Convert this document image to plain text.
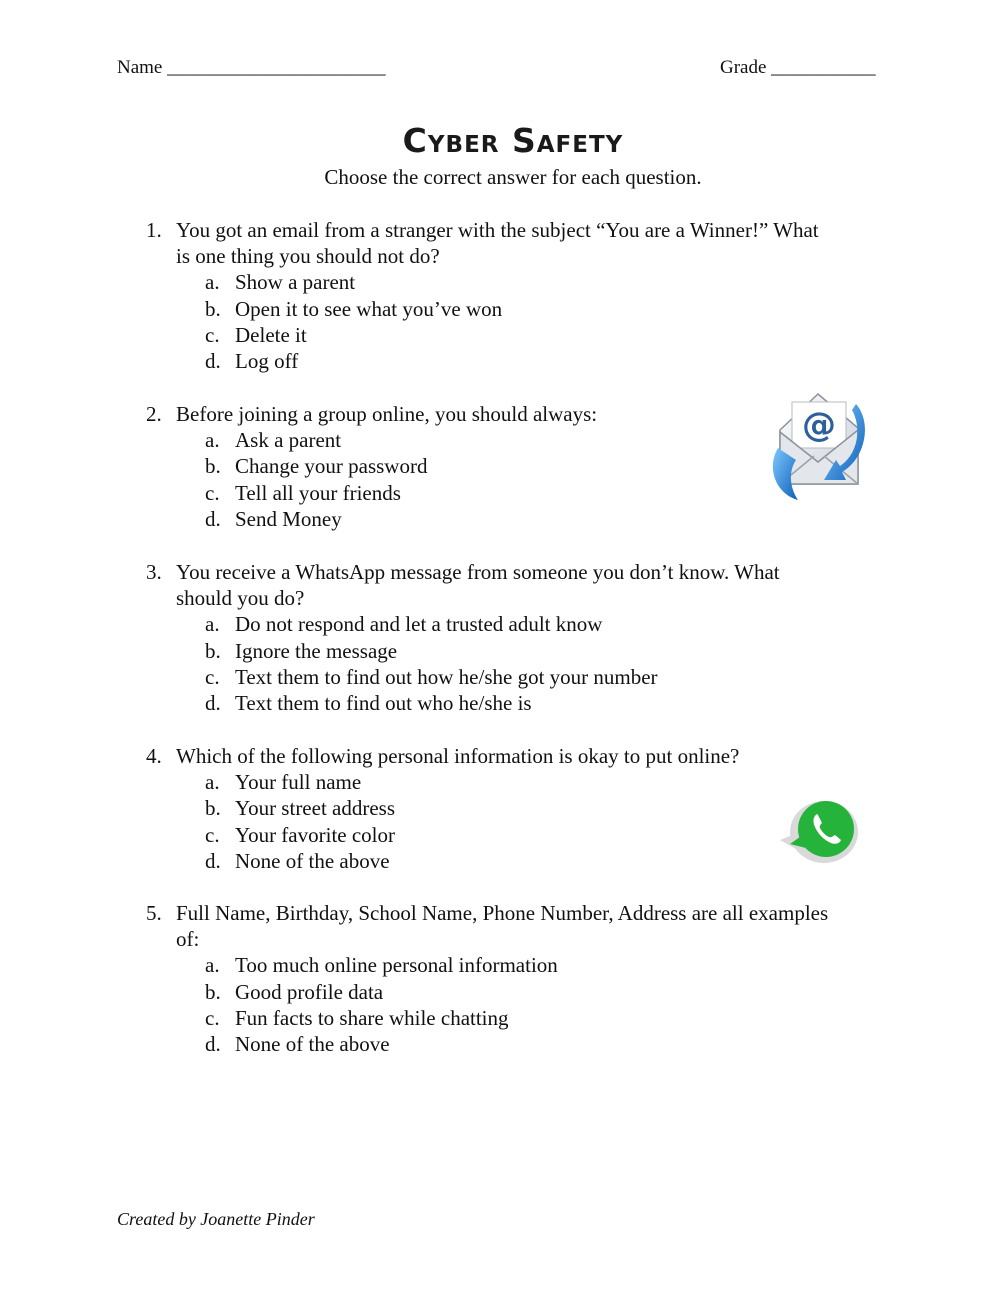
Name _______________________	Grade ___________
Cyber Safety
Choose the correct answer for each question.
1. You got an email from a stranger with the subject “You are a Winner!” What is one thing you should not do?
a. Show a parent
b. Open it to see what you’ve won
c. Delete it
d. Log off
2. Before joining a group online, you should always:
a. Ask a parent
b. Change your password
c. Tell all your friends
d. Send Money
3. You receive a WhatsApp message from someone you don’t know. What should you do?
a. Do not respond and let a trusted adult know
b. Ignore the message
c. Text them to find out how he/she got your number
d. Text them to find out who he/she is
4. Which of the following personal information is okay to put online?
a. Your full name
b. Your street address
c. Your favorite color
d. None of the above
5. Full Name, Birthday, School Name, Phone Number, Address are all examples of:
a. Too much online personal information
b. Good profile data
c. Fun facts to share while chatting
d. None of the above
@
Created by Joanette Pinder
